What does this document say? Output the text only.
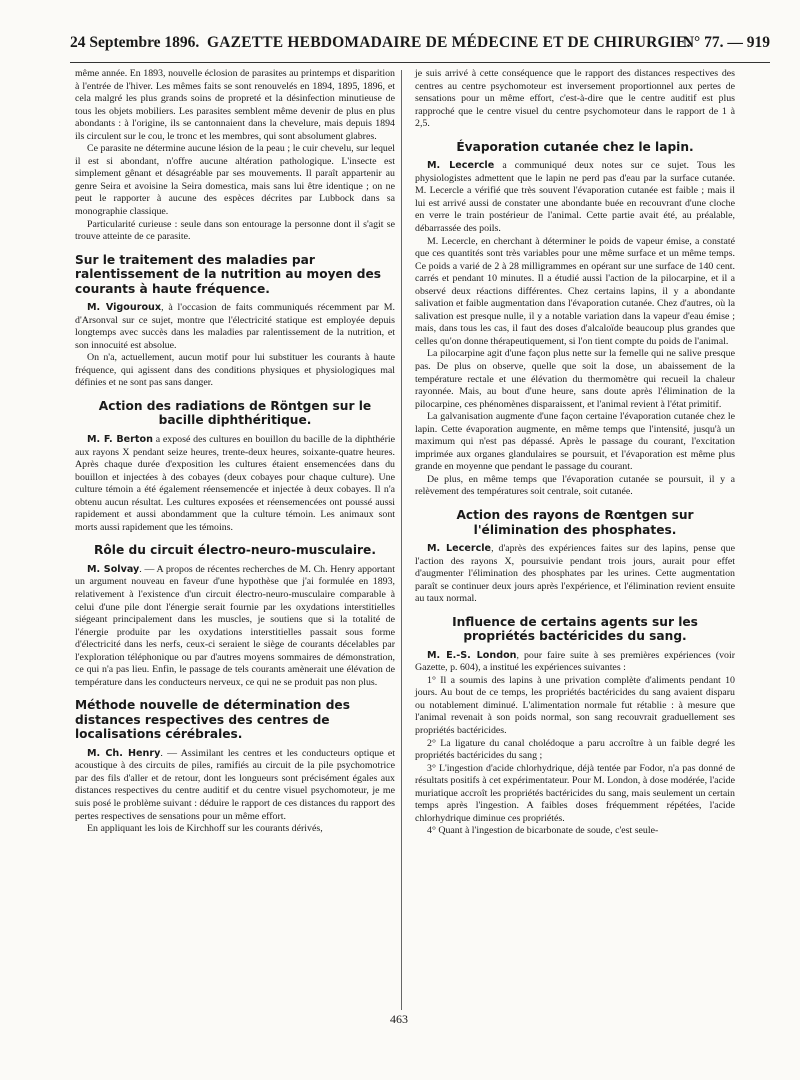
24 Septembre 1896. GAZETTE HEBDOMADAIRE DE MÉDECINE ET DE CHIRURGIE.
N° 77. — 919

même année. En 1893, nouvelle éclosion de parasites au printemps et disparition à l'entrée de l'hiver. Les mêmes faits se sont renouvelés en 1894, 1895, 1896, et cela malgré les plus grands soins de propreté et la désinfection minutieuse de tous les objets mobiliers. Les parasites semblent même devenir de plus en plus abondants : à l'origine, ils se cantonnaient dans la chevelure, mais depuis 1894 ils circulent sur le cou, le tronc et les membres, qui sont absolument glabres.

Ce parasite ne détermine aucune lésion de la peau ; le cuir chevelu, sur lequel il est si abondant, n'offre aucune altération pathologique. L'insecte est simplement gênant et désagréable par ses mouvements. Il paraît appartenir au genre Seira et avoisine la Seira domestica, mais sans lui être identique ; on ne peut le rapporter à aucune des espèces décrites par Lubbock dans sa monographie classique.

Particularité curieuse : seule dans son entourage la personne dont il s'agit se trouve atteinte de ce parasite.

Sur le traitement des maladies par ralentissement de la nutrition au moyen des courants à haute fréquence.

M. Vigouroux, à l'occasion de faits communiqués récemment par M. d'Arsonval sur ce sujet, montre que l'électricité statique est employée depuis longtemps avec succès dans les maladies par ralentissement de la nutrition, et son innocuité est absolue.

On n'a, actuellement, aucun motif pour lui substituer les courants à haute fréquence, qui agissent dans des conditions physiques et physiologiques mal définies et ne sont pas sans danger.

Action des radiations de Röntgen sur le bacille diphthéritique.

M. F. Berton a exposé des cultures en bouillon du bacille de la diphthérie aux rayons X pendant seize heures, trente-deux heures, soixante-quatre heures. Après chaque durée d'exposition les cultures étaient ensemencées dans du bouillon et injectées à des cobayes (deux cobayes pour chaque culture). Une culture témoin a été également réensemencée et injectée à deux cobayes. Il n'a obtenu aucun résultat. Les cultures exposées et réensemencées ont poussé aussi rapidement et aussi abondamment que la culture témoin. Les animaux sont morts aussi rapidement que les témoins.

Rôle du circuit électro-neuro-musculaire.

M. Solvay. — A propos de récentes recherches de M. Ch. Henry apportant un argument nouveau en faveur d'une hypothèse que j'ai formulée en 1893, relativement à l'existence d'un circuit électro-neuro-musculaire comparable à celui d'une pile dont l'énergie serait fournie par les oxydations interstitielles siégeant principalement dans les muscles, je soutiens que si la totalité de l'énergie produite par les oxydations interstitielles passait sous forme d'électricité dans les nerfs, ceux-ci seraient le siège de courants décelables par l'exploration téléphonique ou par d'autres moyens sommaires de démonstration, ce qui n'a pas lieu. Enfin, le passage de tels courants amènerait une élévation de température dans les conducteurs nerveux, ce qui ne se produit pas non plus.

Méthode nouvelle de détermination des distances respectives des centres de localisations cérébrales.

M. Ch. Henry. — Assimilant les centres et les conducteurs optique et acoustique à des circuits de piles, ramifiés au circuit de la pile psychomotrice par des fils d'aller et de retour, dont les longueurs sont précisément égales aux distances respectives du centre auditif et du centre visuel psychomoteur, je me suis posé le problème suivant : déduire le rapport de ces distances du rapport des pertes respectives de sensations pour un même effort.

En appliquant les lois de Kirchhoff sur les courants dérivés,

je suis arrivé à cette conséquence que le rapport des distances respectives des centres au centre psychomoteur est inversement proportionnel aux pertes de sensations pour un même effort, c'est-à-dire que le centre auditif est plus rapproché que le centre visuel du centre psychomoteur dans le rapport de 1 à 2,5.

Évaporation cutanée chez le lapin.

M. Lecercle a communiqué deux notes sur ce sujet. Tous les physiologistes admettent que le lapin ne perd pas d'eau par la surface cutanée. M. Lecercle a vérifié que très souvent l'évaporation cutanée est faible ; mais il lui est arrivé aussi de constater une abondante buée en recouvrant d'une cloche en verre le train postérieur de l'animal. Cette partie avait été, au préalable, débarrassée des poils.

M. Lecercle, en cherchant à déterminer le poids de vapeur émise, a constaté que ces quantités sont très variables pour une même surface et un même temps. Ce poids a varié de 2 à 28 milligrammes en opérant sur une surface de 140 cent. carrés et pendant 10 minutes. Il a étudié aussi l'action de la pilocarpine, et il a observé deux réactions différentes. Chez certains lapins, il y a abondante salivation et faible augmentation dans l'évaporation cutanée. Chez d'autres, où la salivation est presque nulle, il y a notable variation dans la vapeur d'eau émise ; mais, dans tous les cas, il faut des doses d'alcaloïde beaucoup plus grandes que celles qu'on donne thérapeutiquement, si l'on tient compte du poids de l'animal.

La pilocarpine agit d'une façon plus nette sur la femelle qui ne salive presque pas. De plus on observe, quelle que soit la dose, un abaissement de la température rectale et une élévation du thermomètre qui recueil la chaleur rayonnée. Mais, au bout d'une heure, sans doute après l'élimination de la pilocarpine, ces phénomènes disparaissent, et l'animal revient à l'état primitif.

La galvanisation augmente d'une façon certaine l'évaporation cutanée chez le lapin. Cette évaporation augmente, en même temps que l'intensité, jusqu'à un maximum qui n'est pas dépassé. Après le passage du courant, l'excitation imprimée aux organes glandulaires se poursuit, et l'évaporation est même plus grande en moyenne que pendant le passage du courant.

De plus, en même temps que l'évaporation cutanée se poursuit, il y a relèvement des températures soit centrale, soit cutanée.

Action des rayons de Rœntgen sur l'élimination des phosphates.

M. Lecercle, d'après des expériences faites sur des lapins, pense que l'action des rayons X, poursuivie pendant trois jours, aurait pour effet d'augmenter l'élimination des phosphates par les urines. Cette augmentation paraît se continuer deux jours après l'expérience, et l'élimination revient ensuite au taux normal.

Influence de certains agents sur les propriétés bactéricides du sang.

M. E.-S. London, pour faire suite à ses premières expériences (voir Gazette, p. 604), a institué les expériences suivantes :

1° Il a soumis des lapins à une privation complète d'aliments pendant 10 jours. Au bout de ce temps, les propriétés bactéricides du sang avaient disparu ou notablement diminué. L'alimentation normale fut rétablie : à mesure que l'animal revenait à son poids normal, son sang recouvrait graduellement ses propriétés bactéricides.

2° La ligature du canal cholédoque a paru accroître à un faible degré les propriétés bactéricides du sang ;

3° L'ingestion d'acide chlorhydrique, déjà tentée par Fodor, n'a pas donné de résultats positifs à cet expérimentateur. Pour M. London, à dose modérée, l'acide muriatique accroît les propriétés bactéricides du sang, mais seulement un certain temps après l'ingestion. A faibles doses fréquemment répétées, l'acide chlorhydrique diminue ces propriétés.

4° Quant à l'ingestion de bicarbonate de soude, c'est seule-

463
